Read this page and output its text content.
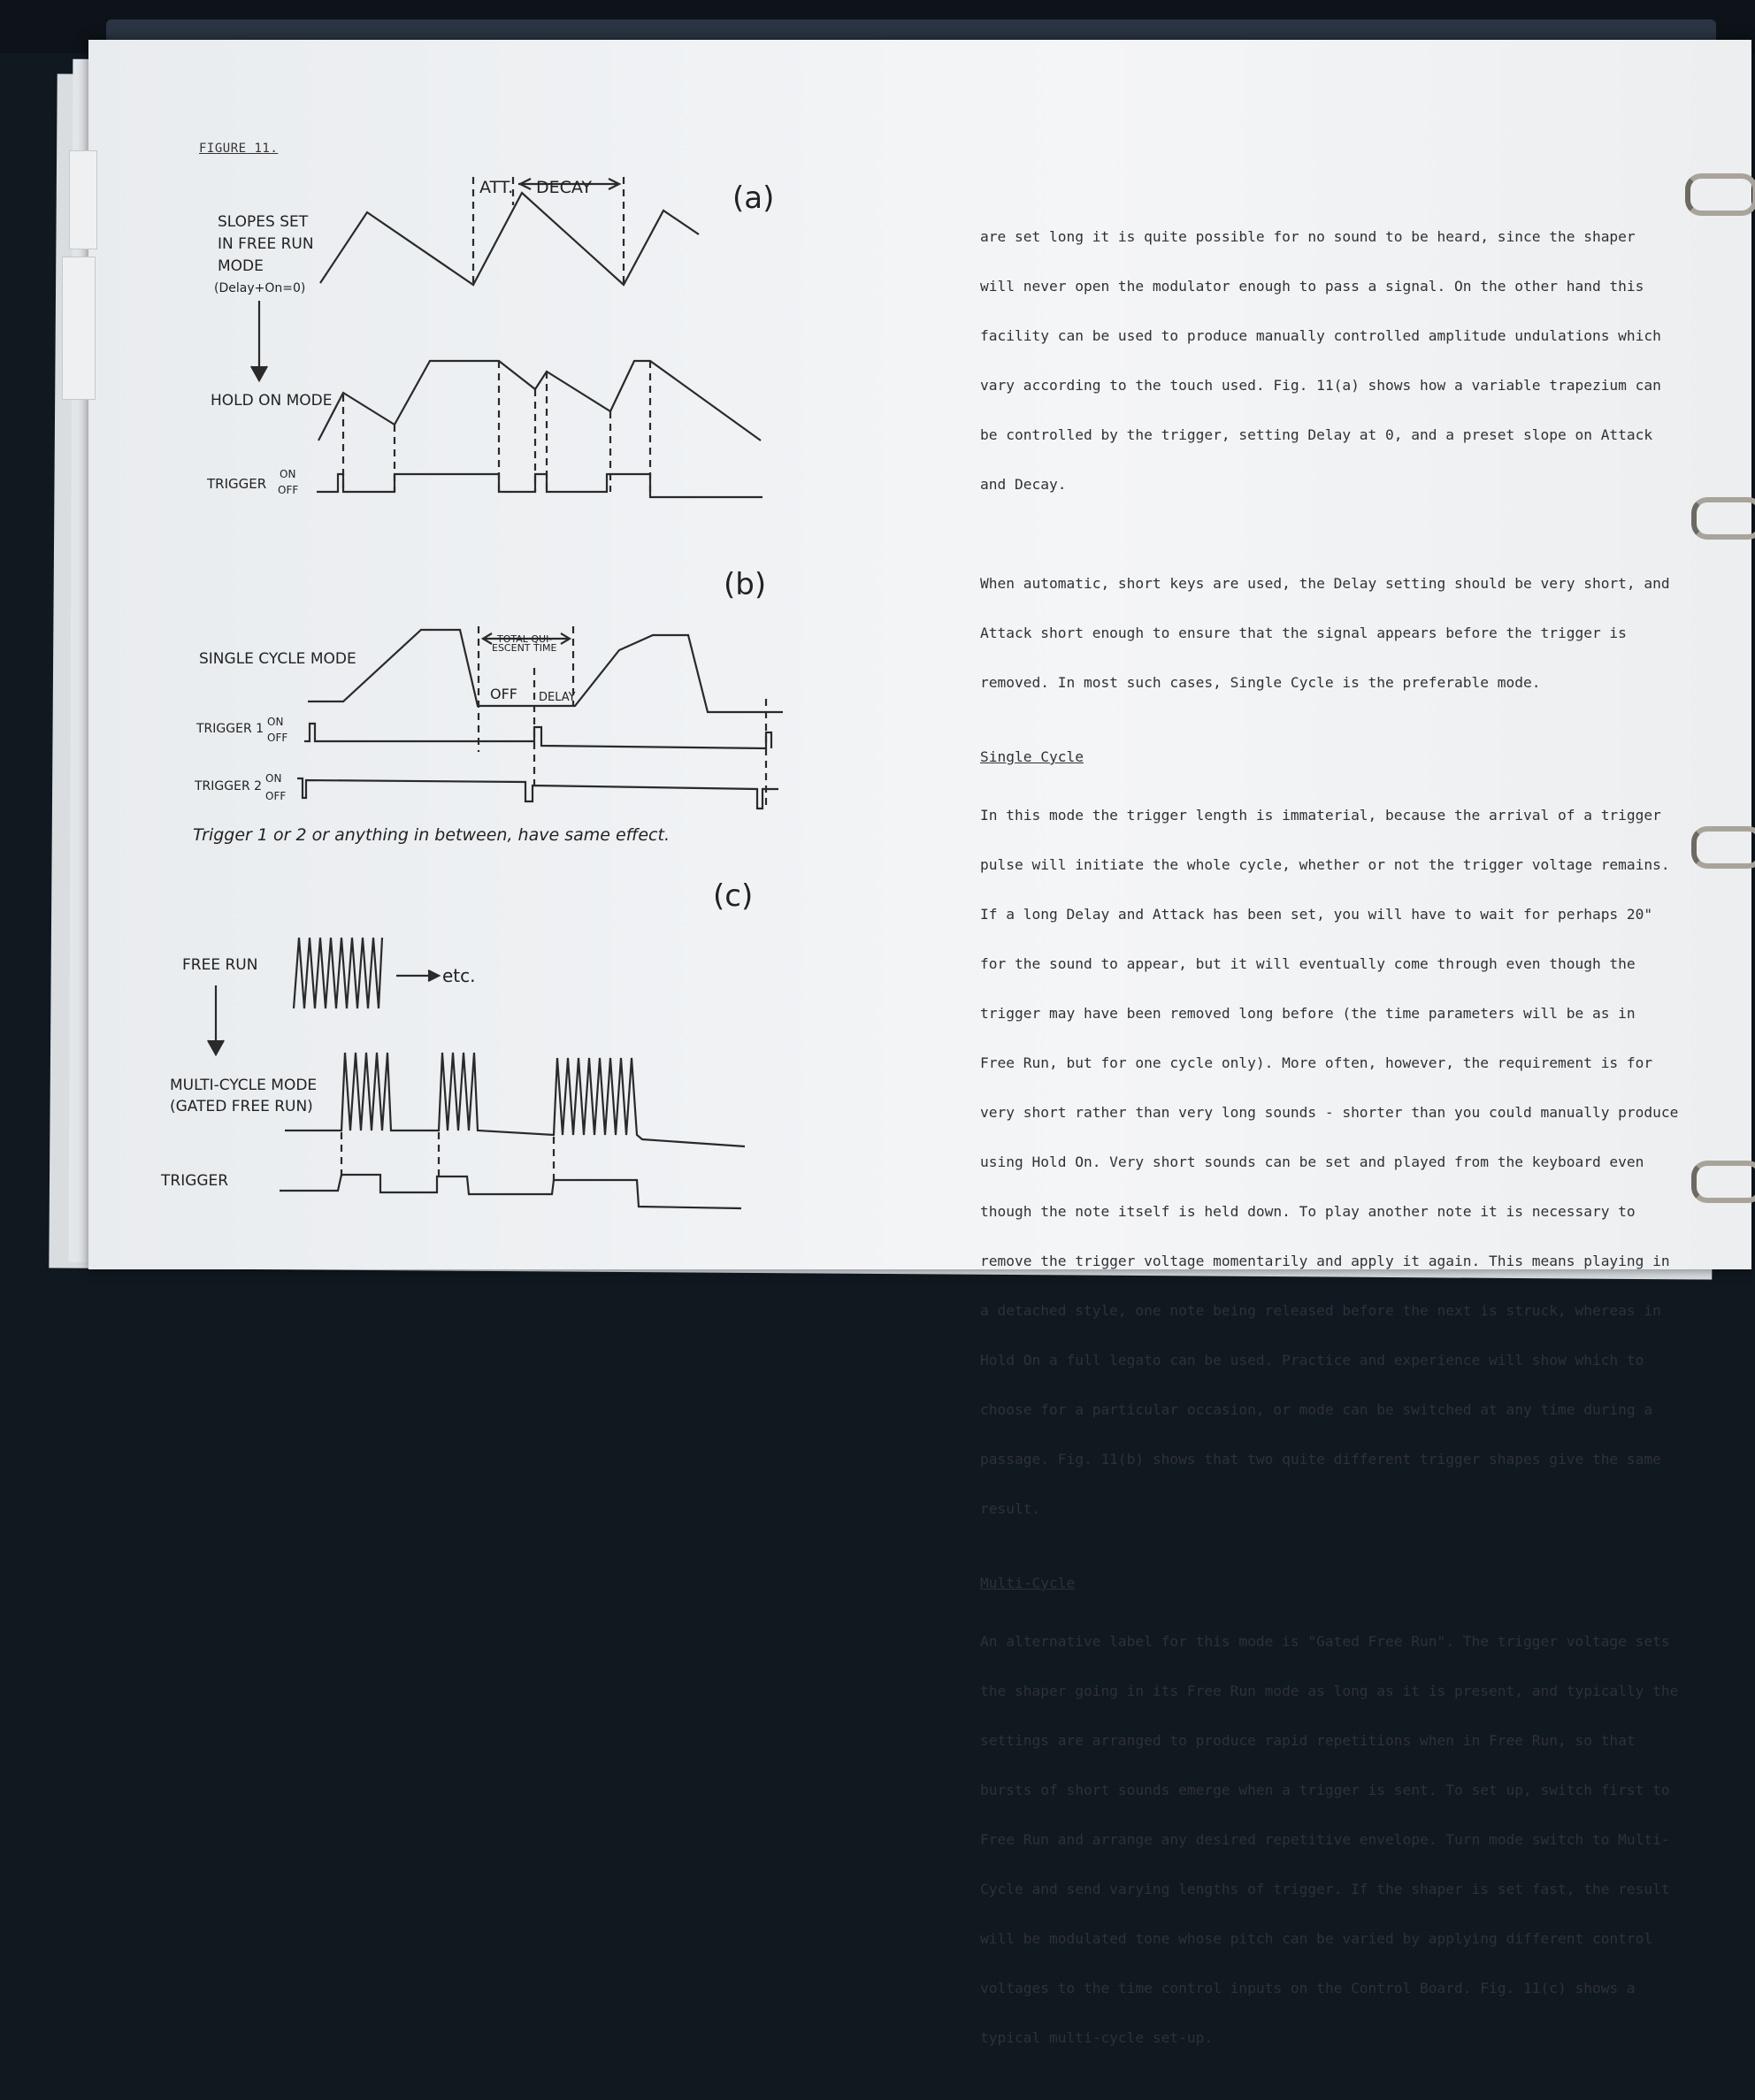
FIGURE 11.
(a)
ATT. DECAY
SLOPES SET
IN FREE RUN
MODE
(Delay+On=0)
HOLD ON MODE
TRIGGER
ON
OFF
(b)
SINGLE CYCLE MODE
TOTAL QUI-
ESCENT TIME
OFF DELAY
TRIGGER 1 ON
OFF
TRIGGER 2
ON
OFF
Trigger 1 or 2 or anything in between, have same effect.
(c)
FREE RUN	etc.
MULTI-CYCLE MODE
(GATED FREE RUN)
TRIGGER

are set long it is quite possible for no sound to be heard, since the shaper

will never open the modulator enough to pass a signal. On the other hand this

facility can be used to produce manually controlled amplitude undulations which

vary according to the touch used. Fig. 11(a) shows how a variable trapezium can

be controlled by the trigger, setting Delay at 0, and a preset slope on Attack

and Decay.

When automatic, short keys are used, the Delay setting should be very short, and

Attack short enough to ensure that the signal appears before the trigger is

removed. In most such cases, Single Cycle is the preferable mode.

Single Cycle

In this mode the trigger length is immaterial, because the arrival of a trigger

pulse will initiate the whole cycle, whether or not the trigger voltage remains.

If a long Delay and Attack has been set, you will have to wait for perhaps 20"

for the sound to appear, but it will eventually come through even though the

trigger may have been removed long before (the time parameters will be as in

Free Run, but for one cycle only). More often, however, the requirement is for

very short rather than very long sounds - shorter than you could manually produce

using Hold On. Very short sounds can be set and played from the keyboard even

though the note itself is held down. To play another note it is necessary to

remove the trigger voltage momentarily and apply it again. This means playing in

a detached style, one note being released before the next is struck, whereas in

Hold On a full legato can be used. Practice and experience will show which to

choose for a particular occasion, or mode can be switched at any time during a

passage. Fig. 11(b) shows that two quite different trigger shapes give the same

result.

Multi-Cycle

An alternative label for this mode is "Gated Free Run". The trigger voltage sets

the shaper going in its Free Run mode as long as it is present, and typically the

settings are arranged to produce rapid repetitions when in Free Run, so that

bursts of short sounds emerge when a trigger is sent. To set up, switch first to

Free Run and arrange any desired repetitive envelope. Turn mode switch to Multi-

Cycle and send varying lengths of trigger. If the shaper is set fast, the result

will be modulated tone whose pitch can be varied by applying different control

voltages to the time control inputs on the Control Board. Fig. 11(c) shows a

typical multi-cycle set-up.
